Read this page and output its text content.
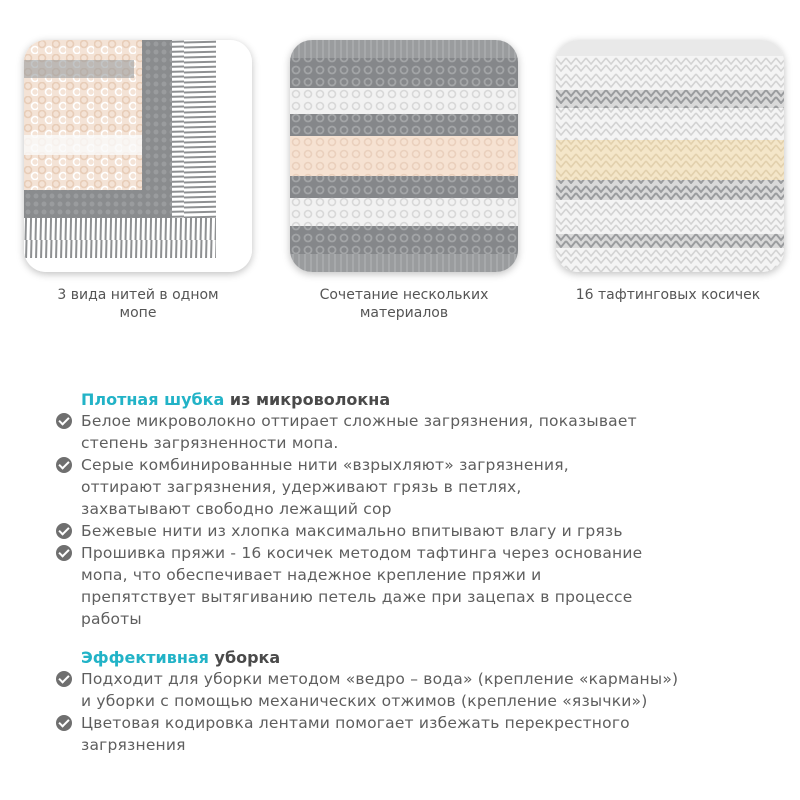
3 вида нитей в одном
мопе
Сочетание нескольких
материалов
16 тафтинговых косичек
Плотная шубка из микроволокна
Белое микроволокно оттирает сложные загрязнения, показывает
степень загрязненности мопа.
Серые комбинированные нити «взрыхляют» загрязнения,
оттирают загрязнения, удерживают грязь в петлях,
захватывают свободно лежащий сор
Бежевые нити из хлопка максимально впитывают влагу и грязь
Прошивка пряжи - 16 косичек методом тафтинга через основание
мопа, что обеспечивает надежное крепление пряжи и
препятствует вытягиванию петель даже при зацепах в процессе
работы
Эффективная уборка
Подходит для уборки методом «ведро – вода» (крепление «карманы»)
и уборки с помощью механических отжимов (крепление «язычки»)
Цветовая кодировка лентами помогает избежать перекрестного
загрязнения
